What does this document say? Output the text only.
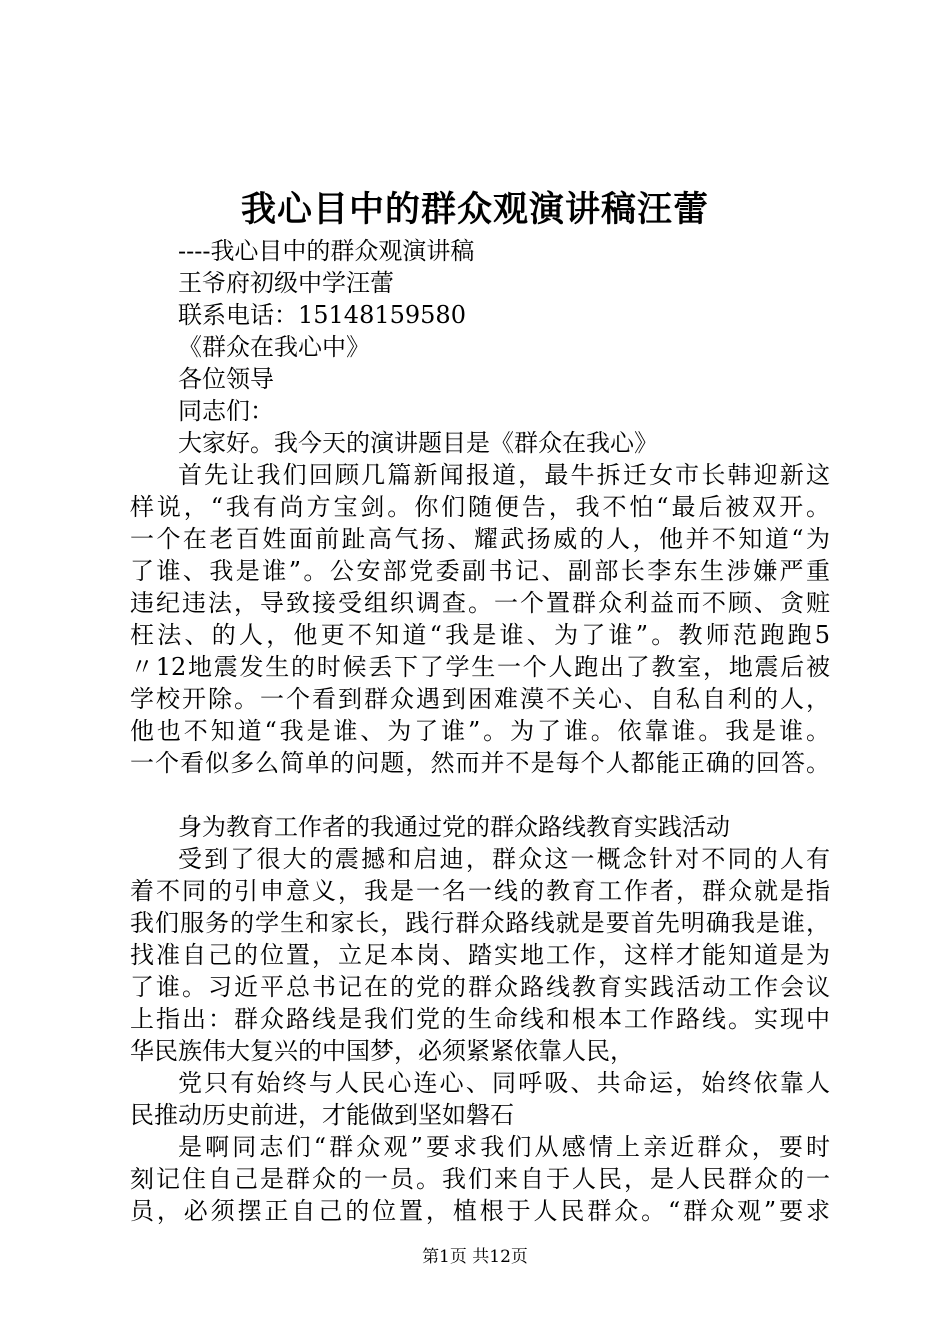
我心目中的群众观演讲稿汪蕾
----我心目中的群众观演讲稿
王爷府初级中学汪蕾
联系电话：15148159580
《群众在我心中》
各位领导
同志们：
大家好。我今天的演讲题目是《群众在我心》
首先让我们回顾几篇新闻报道，最牛拆迁女市长韩迎新这
样说，“我有尚方宝剑。你们随便告，我不怕“最后被双开。
一个在老百姓面前趾高气扬、耀武扬威的人，他并不知道“为
了谁、我是谁”。公安部党委副书记、副部长李东生涉嫌严重
违纪违法，导致接受组织调查。一个置群众利益而不顾、贪赃
枉法、的人，他更不知道“我是谁、为了谁”。教师范跑跑5
〃12地震发生的时候丢下了学生一个人跑出了教室，地震后被
学校开除。一个看到群众遇到困难漠不关心、自私自利的人，
他也不知道“我是谁、为了谁”。为了谁。依靠谁。我是谁。
一个看似多么简单的问题，然而并不是每个人都能正确的回答。
身为教育工作者的我通过党的群众路线教育实践活动
受到了很大的震撼和启迪，群众这一概念针对不同的人有
着不同的引申意义，我是一名一线的教育工作者，群众就是指
我们服务的学生和家长，践行群众路线就是要首先明确我是谁，
找准自己的位置，立足本岗、踏实地工作，这样才能知道是为
了谁。习近平总书记在的党的群众路线教育实践活动工作会议
上指出：群众路线是我们党的生命线和根本工作路线。实现中
华民族伟大复兴的中国梦，必须紧紧依靠人民，
党只有始终与人民心连心、同呼吸、共命运，始终依靠人
民推动历史前进，才能做到坚如磐石
是啊同志们“群众观”要求我们从感情上亲近群众，要时
刻记住自己是群众的一员。我们来自于人民，是人民群众的一
员，必须摆正自己的位置，植根于人民群众。“群众观”要求
第1页 共12页
